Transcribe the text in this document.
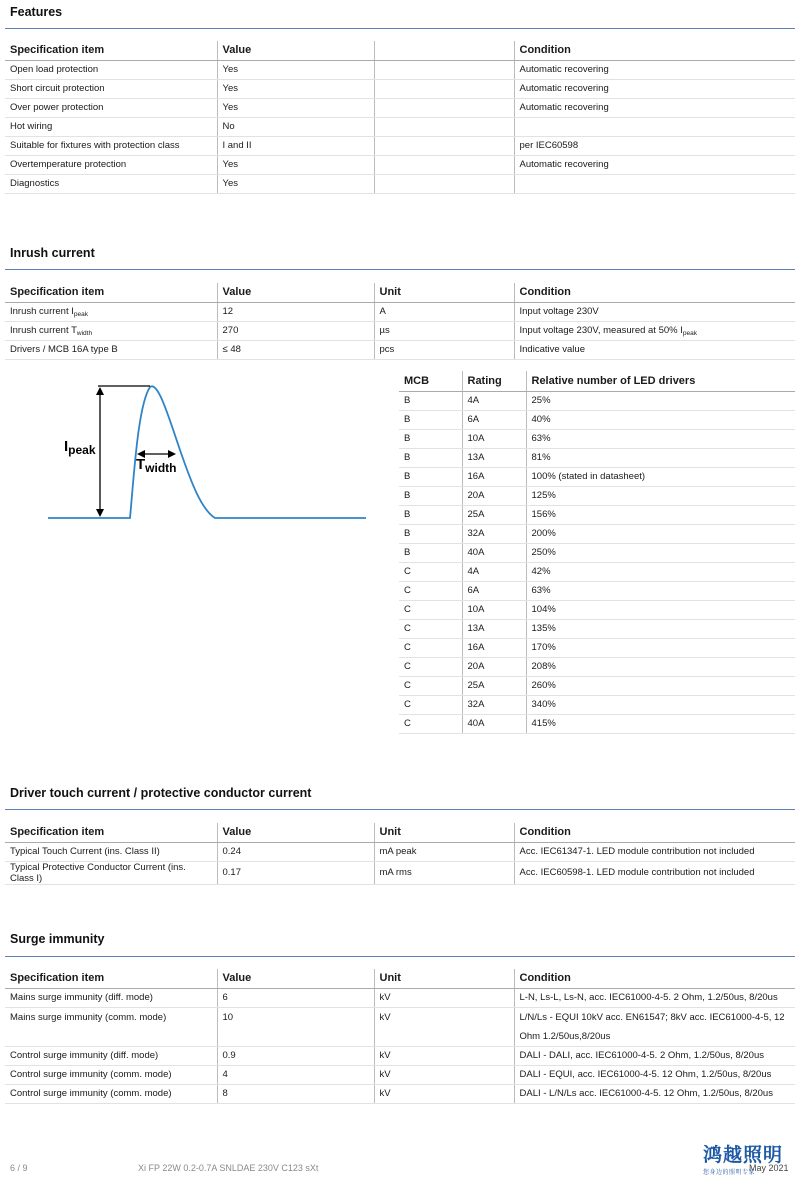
Features
Specification item	Value		Condition
Open load protection	Yes		Automatic recovering
Short circuit protection	Yes		Automatic recovering
Over power protection	Yes		Automatic recovering
Hot wiring	No		
Suitable for fixtures with protection class	I and II		per IEC60598
Overtemperature protection	Yes		Automatic recovering
Diagnostics	Yes		
Inrush current
Specification item	Value	Unit	Condition
Inrush current $I_{peak}$	12	A	Input voltage 230V
Inrush current $T_{width}$	270	µs	Input voltage 230V, measured at 50% $I_{peak}$
Drivers / MCB 16A type B	≤ 48	pcs	Indicative value
$I_{peak}$
$T_{width}$
MCB	Rating	Relative number of LED drivers
B	4A	25%
B	6A	40%
B	10A	63%
B	13A	81%
B	16A	100% (stated in datasheet)
B	20A	125%
B	25A	156%
B	32A	200%
B	40A	250%
C	4A	42%
C	6A	63%
C	10A	104%
C	13A	135%
C	16A	170%
C	20A	208%
C	25A	260%
C	32A	340%
C	40A	415%
Driver touch current / protective conductor current
Specification item	Value	Unit	Condition
Typical Touch Current (ins. Class II)	0.24	mA peak	Acc. IEC61347-1. LED module contribution not included
Typical Protective Conductor Current (ins. Class I)	0.17	mA rms	Acc. IEC60598-1. LED module contribution not included
Surge immunity
Specification item	Value	Unit	Condition
Mains surge immunity (diff. mode)	6	kV	L-N, Ls-L, Ls-N, acc. IEC61000-4-5. 2 Ohm, 1.2/50us, 8/20us
Mains surge immunity (comm. mode)	10	kV	L/N/Ls - EQUI 10kV acc. EN61547; 8kV acc. IEC61000-4-5, 12 Ohm 1.2/50us,8/20us
Control surge immunity (diff. mode)	0.9	kV	DALI - DALI, acc. IEC61000-4-5. 2 Ohm, 1.2/50us, 8/20us
Control surge immunity (comm. mode)	4	kV	DALI - EQUI, acc. IEC61000-4-5. 12 Ohm, 1.2/50us, 8/20us
Control surge immunity (comm. mode)	8	kV	DALI - L/N/Ls acc. IEC61000-4-5. 12 Ohm, 1.2/50us, 8/20us
6 / 9	Xi FP 22W 0.2-0.7A SNLDAE 230V C123 sXt	May 2021
鸿越照明
您身边的照明专家
